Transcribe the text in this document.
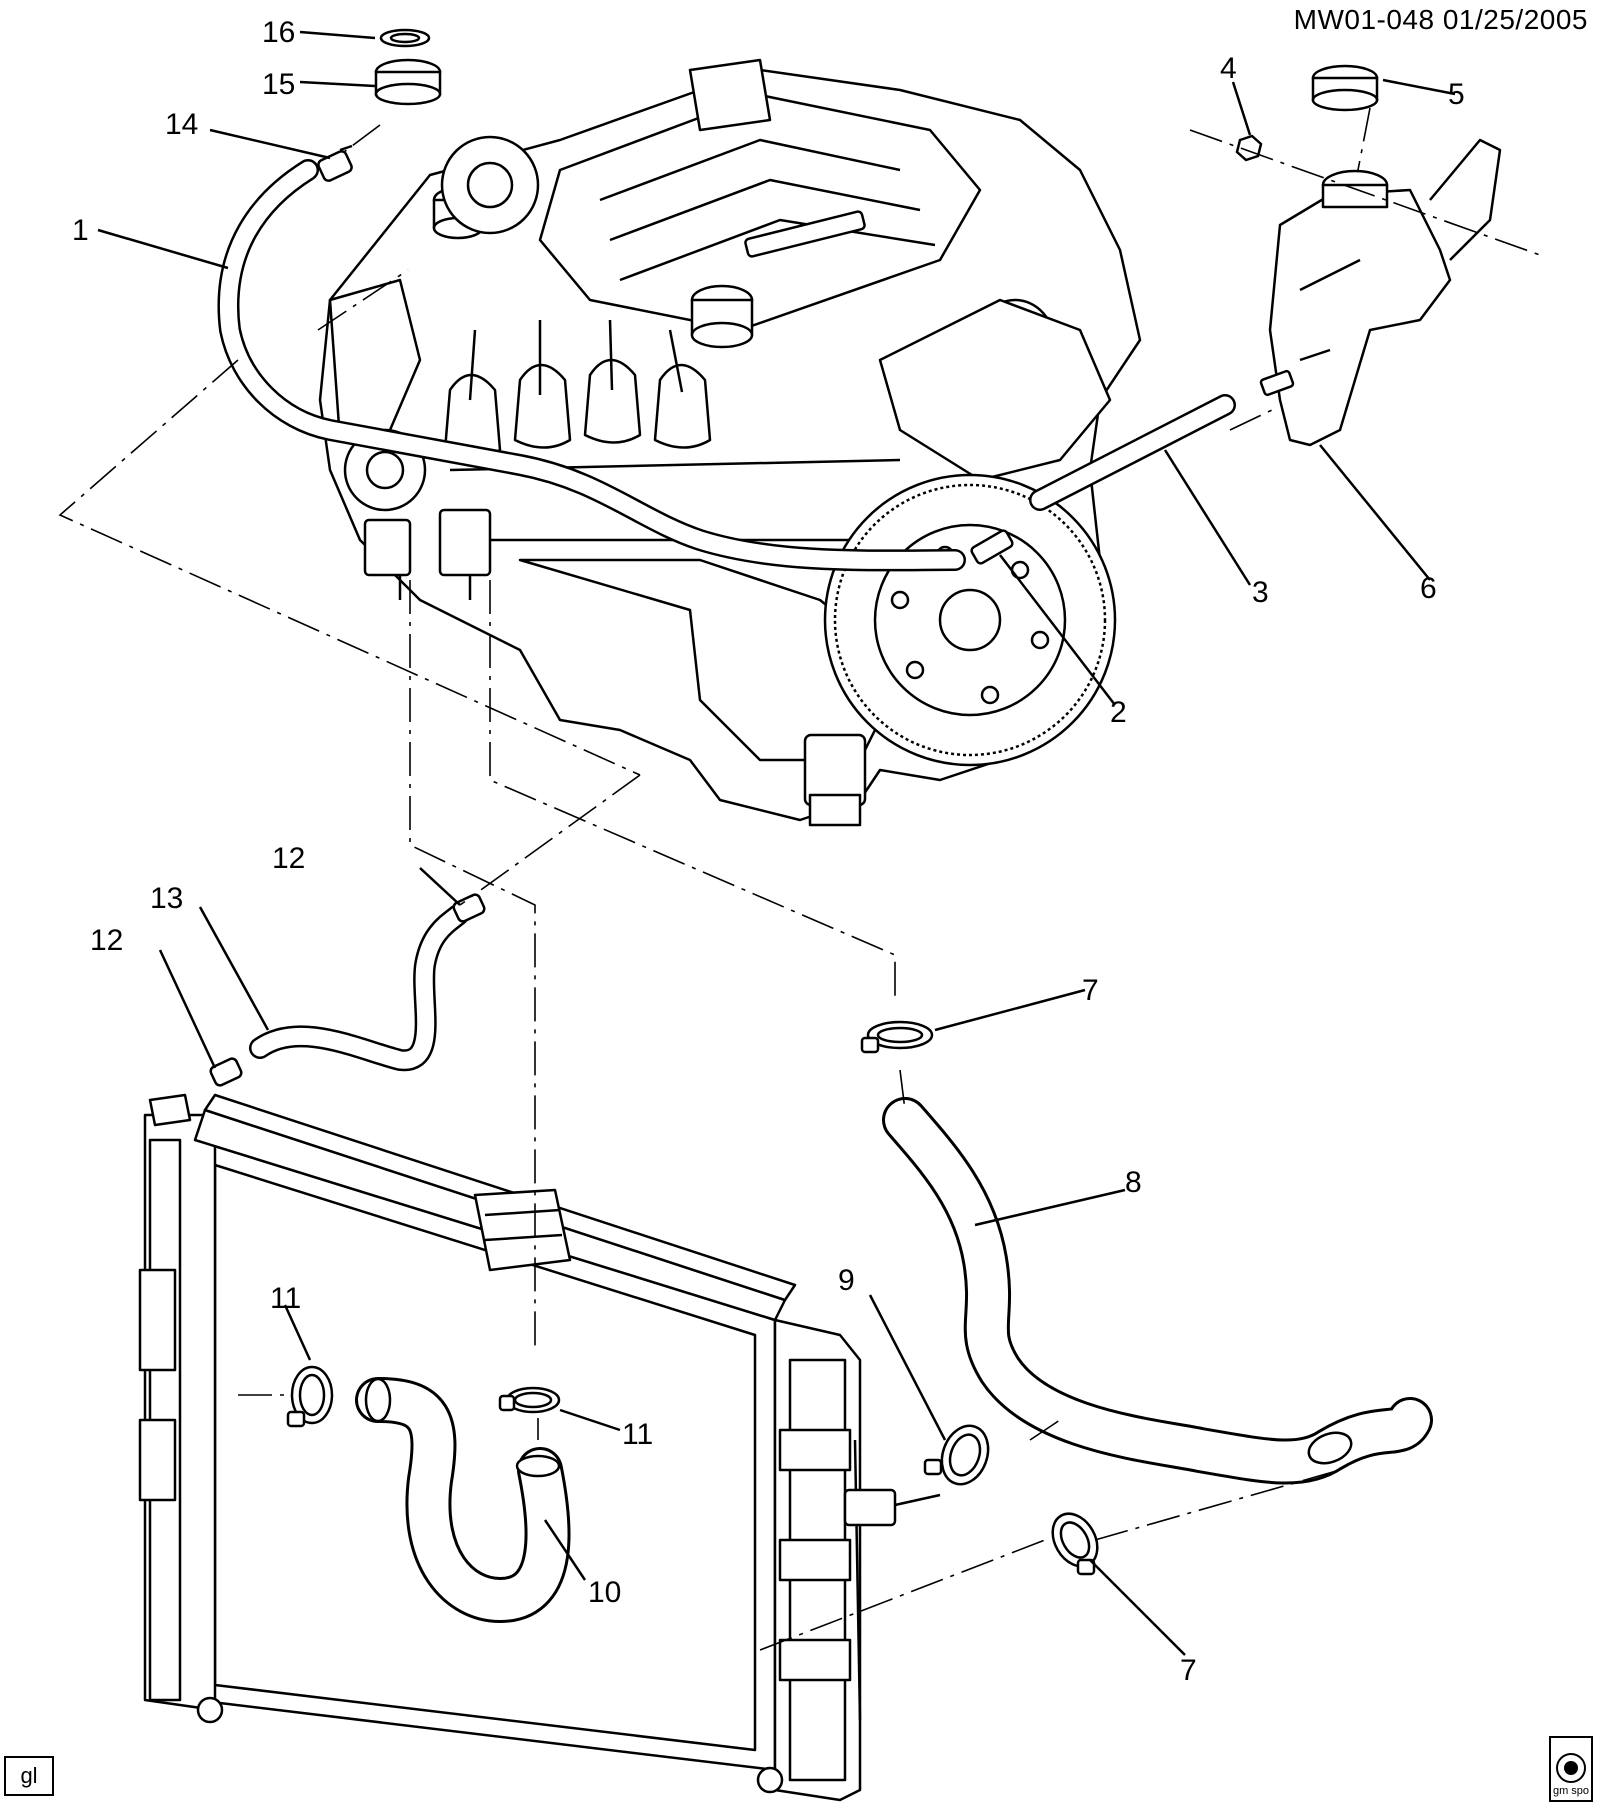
MW01-048 01/25/2005
16
15
14
1
4
5
6
3
2
12
13
12
7
8
9
11
11
10
7
gl
gm spo
